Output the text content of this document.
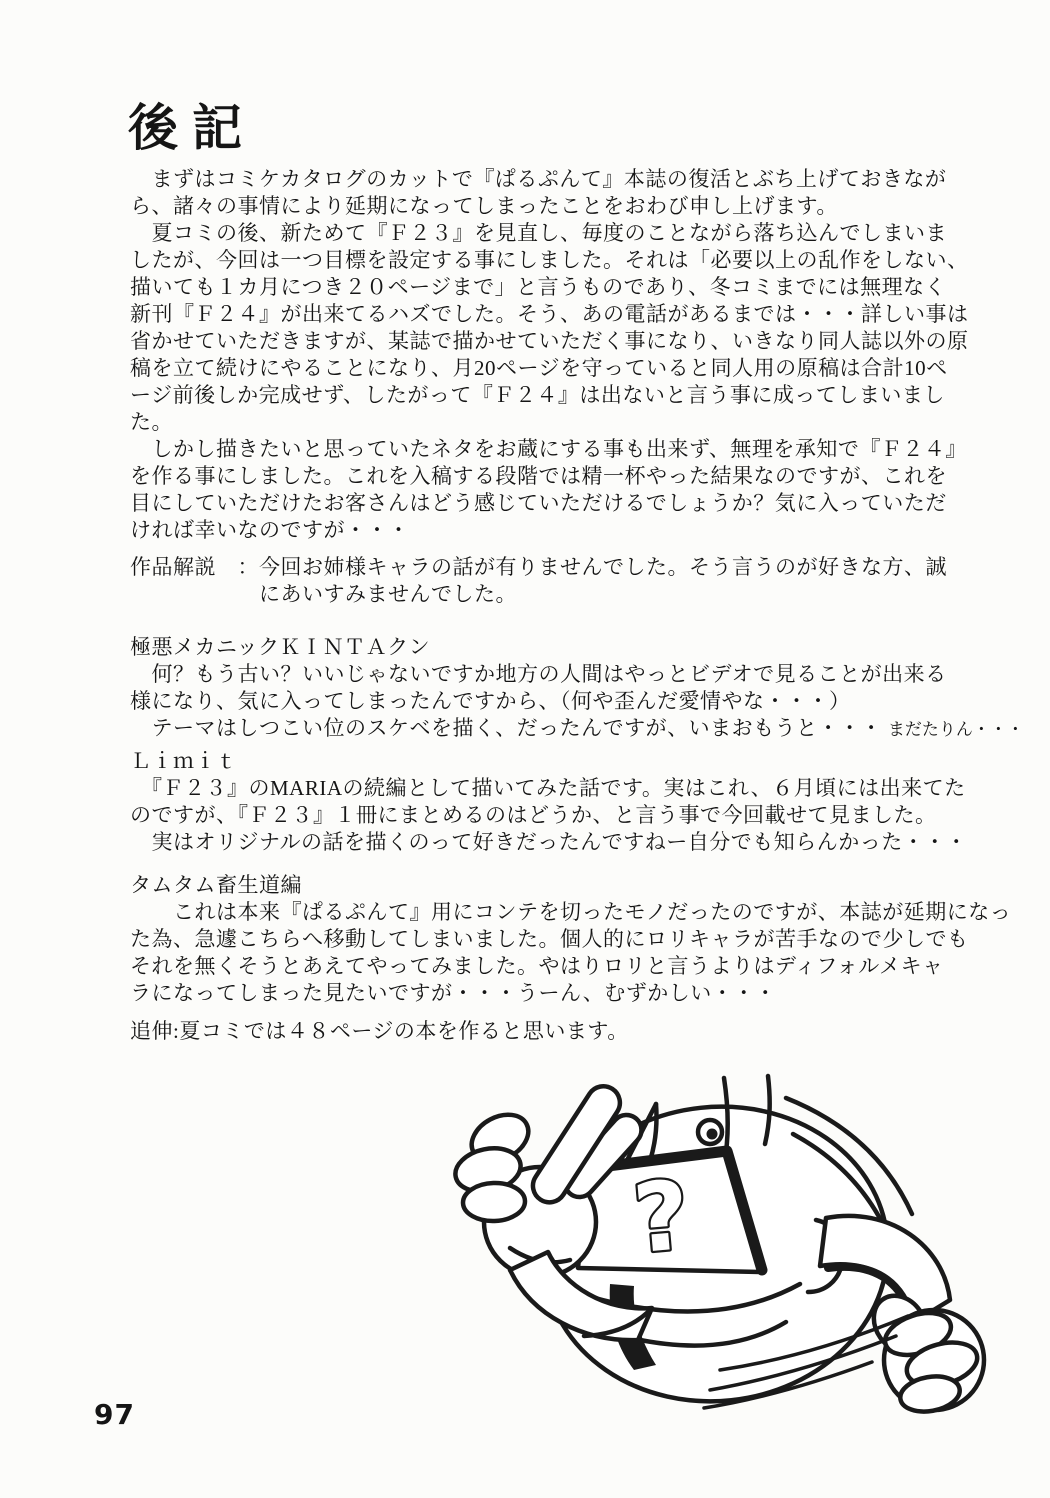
後記
　まずはコミケカタログのカットで『ぱるぷんて』本誌の復活とぶち上げておきなが
ら、諸々の事情により延期になってしまったことをおわび申し上げます。
　夏コミの後、新ためて『Ｆ２３』を見直し、毎度のことながら落ち込んでしまいま
したが、今回は一つ目標を設定する事にしました。それは「必要以上の乱作をしない、
描いても１カ月につき２０ページまで」と言うものであり、冬コミまでには無理なく
新刊『Ｆ２４』が出来てるハズでした。そう、あの電話があるまでは・・・詳しい事は
省かせていただきますが、某誌で描かせていただく事になり、いきなり同人誌以外の原
稿を立て続けにやることになり、月20ページを守っていると同人用の原稿は合計10ペ
ージ前後しか完成せず、したがって『Ｆ２４』は出ないと言う事に成ってしまいまし
た。
　しかし描きたいと思っていたネタをお蔵にする事も出来ず、無理を承知で『Ｆ２４』
を作る事にしました。これを入稿する段階では精一杯やった結果なのですが、これを
目にしていただけたお客さんはどう感じていただけるでしょうか？気に入っていただ
ければ幸いなのですが・・・
作品解説　：今回お姉様キャラの話が有りませんでした。そう言うのが好きな方、誠
　　　　　　にあいすみませんでした。
極悪メカニックＫＩＮＴＡクン
　何？もう古い？いいじゃないですか地方の人間はやっとビデオで見ることが出来る
様になり、気に入ってしまったんですから、（何や歪んだ愛情やな・・・）
　テーマはしつこい位のスケベを描く、だったんですが、いまおもうと・・・ まだたりん・・・
Ｌｉｍｉｔ
　『Ｆ２３』のMARIAの続編として描いてみた話です。実はこれ、６月頃には出来てた
のですが、『Ｆ２３』１冊にまとめるのはどうか、と言う事で今回載せて見ました。
　実はオリジナルの話を描くのって好きだったんですねー自分でも知らんかった・・・
タムタム畜生道編
　　これは本来『ぱるぷんて』用にコンテを切ったモノだったのですが、本誌が延期になっ
た為、急遽こちらへ移動してしまいました。個人的にロリキャラが苦手なので少しでも
それを無くそうとあえてやってみました。やはりロリと言うよりはディフォルメキャ
ラになってしまった見たいですが・・・うーん、むずかしい・・・
追伸:夏コミでは４８ページの本を作ると思います。
?
97
